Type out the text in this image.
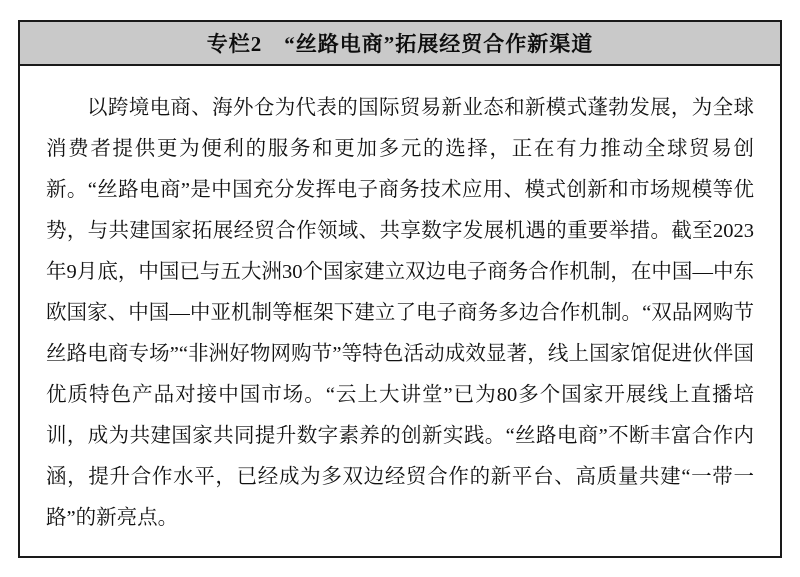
专栏2　“丝路电商”拓展经贸合作新渠道

以跨境电商、海外仓为代表的国际贸易新业态和新模式蓬勃发展，为全球消费者提供更为便利的服务和更加多元的选择，正在有力推动全球贸易创新。“丝路电商”是中国充分发挥电子商务技术应用、模式创新和市场规模等优势，与共建国家拓展经贸合作领域、共享数字发展机遇的重要举措。截至2023年9月底，中国已与五大洲30个国家建立双边电子商务合作机制，在中国—中东欧国家、中国—中亚机制等框架下建立了电子商务多边合作机制。“双品网购节丝路电商专场”“非洲好物网购节”等特色活动成效显著，线上国家馆促进伙伴国优质特色产品对接中国市场。“云上大讲堂”已为80多个国家开展线上直播培训，成为共建国家共同提升数字素养的创新实践。“丝路电商”不断丰富合作内涵，提升合作水平，已经成为多双边经贸合作的新平台、高质量共建“一带一路”的新亮点。
